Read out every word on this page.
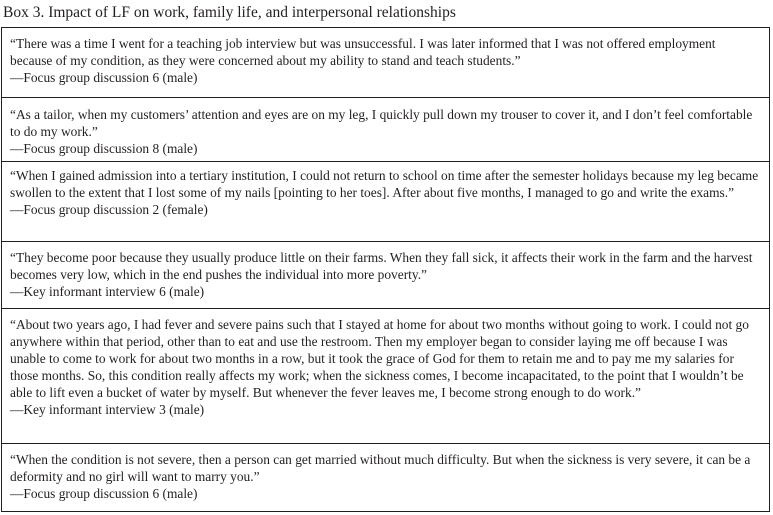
Box 3. Impact of LF on work, family life, and interpersonal relationships

“There was a time I went for a teaching job interview but was unsuccessful. I was later informed that I was not offered employment because of my condition, as they were concerned about my ability to stand and teach students.”

—Focus group discussion 6 (male)

“As a tailor, when my customers’ attention and eyes are on my leg, I quickly pull down my trouser to cover it, and I don’t feel comfortable to do my work.”

—Focus group discussion 8 (male)

“When I gained admission into a tertiary institution, I could not return to school on time after the semester holidays because my leg became swollen to the extent that I lost some of my nails [pointing to her toes]. After about five months, I managed to go and write the exams.”

—Focus group discussion 2 (female)

“They become poor because they usually produce little on their farms. When they fall sick, it affects their work in the farm and the harvest becomes very low, which in the end pushes the individual into more poverty.”

—Key informant interview 6 (male)

“About two years ago, I had fever and severe pains such that I stayed at home for about two months without going to work. I could not go anywhere within that period, other than to eat and use the restroom. Then my employer began to consider laying me off because I was unable to come to work for about two months in a row, but it took the grace of God for them to retain me and to pay me my salaries for those months. So, this condition really affects my work; when the sickness comes, I become incapacitated, to the point that I wouldn’t be able to lift even a bucket of water by myself. But whenever the fever leaves me, I become strong enough to do work.”

—Key informant interview 3 (male)

“When the condition is not severe, then a person can get married without much difficulty. But when the sickness is very severe, it can be a deformity and no girl will want to marry you.”

—Focus group discussion 6 (male)
